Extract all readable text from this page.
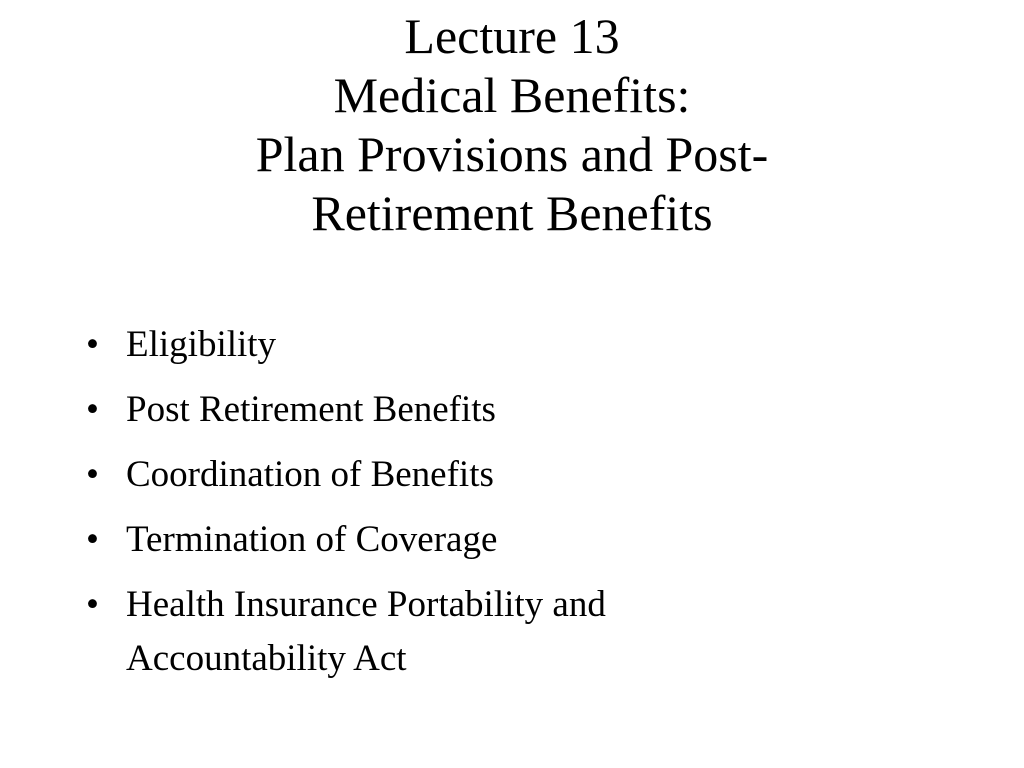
Lecture 13
Medical Benefits:
Plan Provisions and Post-
Retirement Benefits
• Eligibility
• Post Retirement Benefits
• Coordination of Benefits
• Termination of Coverage
• Health Insurance Portability and Accountability Act
